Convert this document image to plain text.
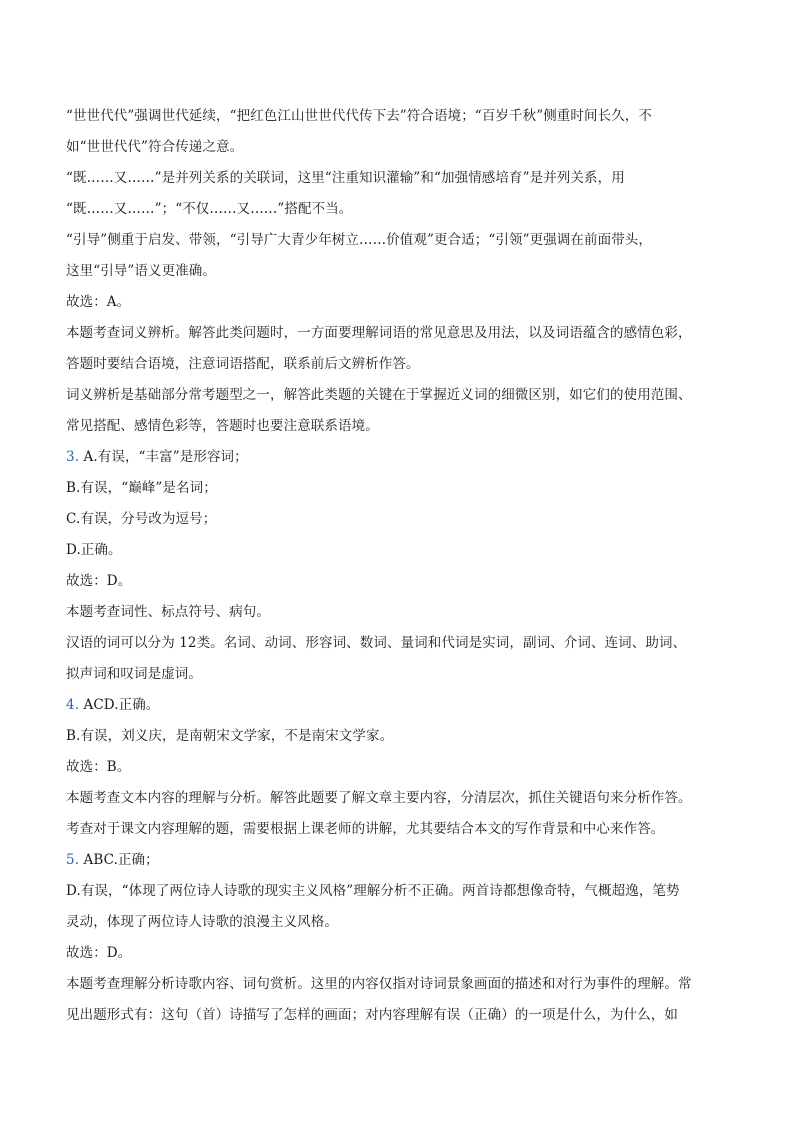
“世世代代”强调世代延续，“把红色江山世世代代传下去”符合语境；“百岁千秋”侧重时间长久，不
如“世世代代”符合传递之意。
“既……又……”是并列关系的关联词，这里“注重知识灌输”和“加强情感培育”是并列关系，用
“既……又……”；“不仅……又……”搭配不当。
“引导”侧重于启发、带领，“引导广大青少年树立……价值观”更合适；“引领”更强调在前面带头，
这里“引导”语义更准确。
故选：A。
本题考查词义辨析。解答此类问题时，一方面要理解词语的常见意思及用法，以及词语蕴含的感情色彩，
答题时要结合语境，注意词语搭配，联系前后文辨析作答。
词义辨析是基础部分常考题型之一，解答此类题的关键在于掌握近义词的细微区别，如它们的使用范围、
常见搭配、感情色彩等，答题时也要注意联系语境。
3. A.有误，“丰富”是形容词；
B.有误，“巅峰”是名词；
C.有误，分号改为逗号；
D.正确。
故选：D。
本题考查词性、标点符号、病句。
汉语的词可以分为 12类。名词、动词、形容词、数词、量词和代词是实词，副词、介词、连词、助词、
拟声词和叹词是虚词。
4. ACD.正确。
B.有误，刘义庆，是南朝宋文学家，不是南宋文学家。
故选：B。
本题考查文本内容的理解与分析。解答此题要了解文章主要内容，分清层次，抓住关键语句来分析作答。
考查对于课文内容理解的题，需要根据上课老师的讲解，尤其要结合本文的写作背景和中心来作答。
5. ABC.正确；
D.有误，“体现了两位诗人诗歌的现实主义风格”理解分析不正确。两首诗都想像奇特，气概超逸，笔势
灵动，体现了两位诗人诗歌的浪漫主义风格。
故选：D。
本题考查理解分析诗歌内容、词句赏析。这里的内容仅指对诗词景象画面的描述和对行为事件的理解。常
见出题形式有：这句（首）诗描写了怎样的画面；对内容理解有误（正确）的一项是什么，为什么，如
